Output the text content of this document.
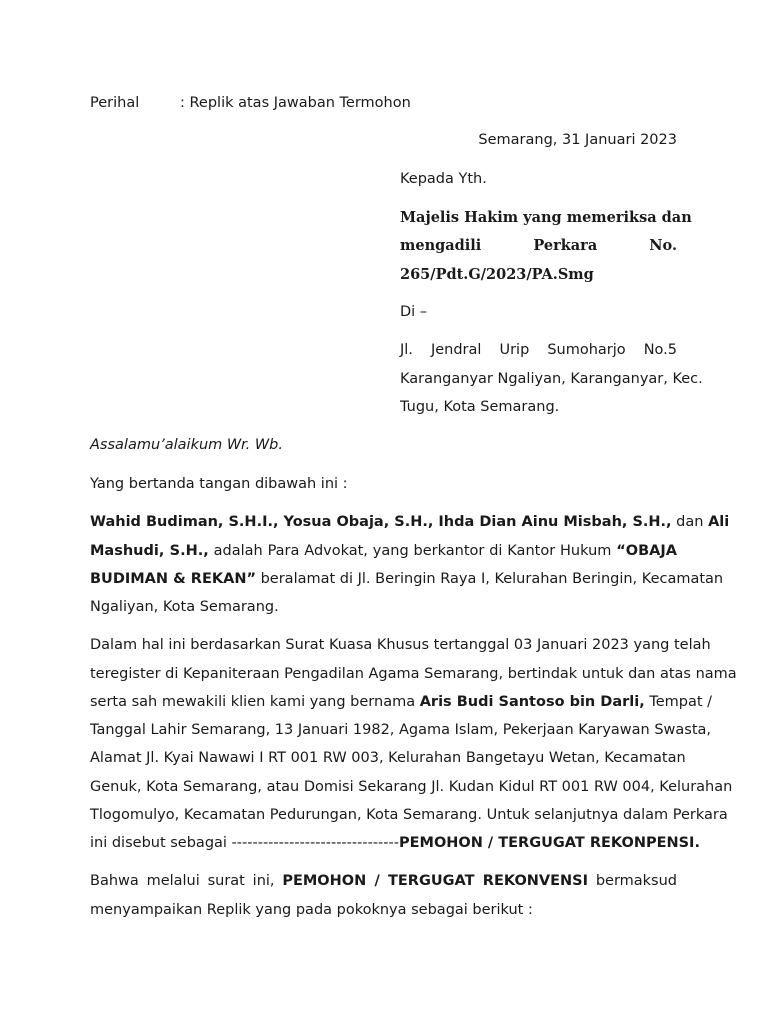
Perihal	: Replik atas Jawaban Termohon
Semarang, 31 Januari 2023
Kepada Yth.
Majelis Hakim yang memeriksa dan
mengadili Perkara No.
265/Pdt.G/2023/PA.Smg
Di –
Jl. Jendral Urip Sumoharjo No.5
Karanganyar Ngaliyan, Karanganyar, Kec.
Tugu, Kota Semarang.
Assalamu’alaikum Wr. Wb.
Yang bertanda tangan dibawah ini :
Wahid Budiman, S.H.I., Yosua Obaja, S.H., Ihda Dian Ainu Misbah, S.H., dan Ali
Mashudi, S.H., adalah Para Advokat, yang berkantor di Kantor Hukum “OBAJA
BUDIMAN & REKAN” beralamat di Jl. Beringin Raya I, Kelurahan Beringin, Kecamatan
Ngaliyan, Kota Semarang.
Dalam hal ini berdasarkan Surat Kuasa Khusus tertanggal 03 Januari 2023 yang telah
teregister di Kepaniteraan Pengadilan Agama Semarang, bertindak untuk dan atas nama
serta sah mewakili klien kami yang bernama Aris Budi Santoso bin Darli, Tempat /
Tanggal Lahir Semarang, 13 Januari 1982, Agama Islam, Pekerjaan Karyawan Swasta,
Alamat Jl. Kyai Nawawi I RT 001 RW 003, Kelurahan Bangetayu Wetan, Kecamatan
Genuk, Kota Semarang, atau Domisi Sekarang Jl. Kudan Kidul RT 001 RW 004, Kelurahan
Tlogomulyo, Kecamatan Pedurungan, Kota Semarang. Untuk selanjutnya dalam Perkara
ini disebut sebagai --------------------------------PEMOHON / TERGUGAT REKONPENSI.
Bahwa melalui surat ini, PEMOHON / TERGUGAT REKONVENSI bermaksud
menyampaikan Replik yang pada pokoknya sebagai berikut :
